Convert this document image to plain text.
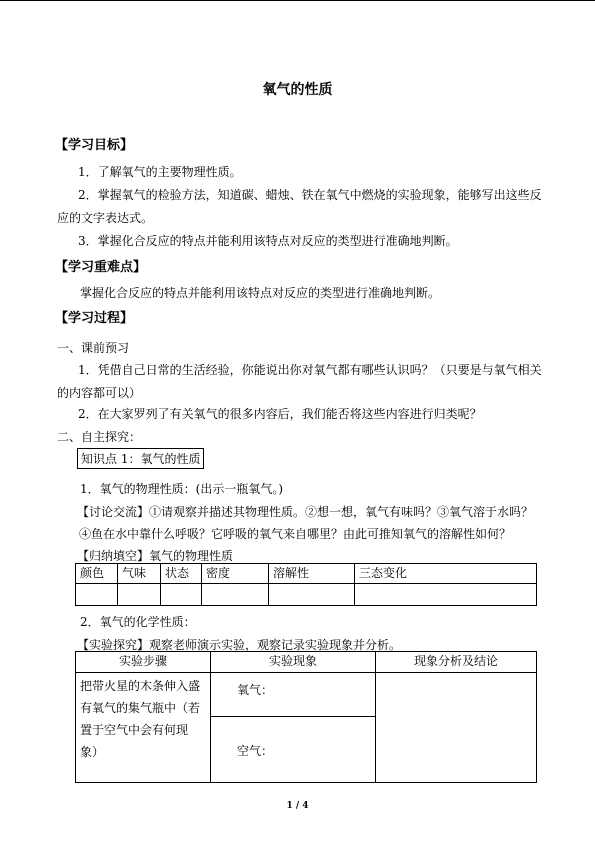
氧气的性质
【学习目标】
1．了解氧气的主要物理性质。
2．掌握氧气的检验方法，知道碳、蜡烛、铁在氧气中燃烧的实验现象，能够写出这些反
应的文字表达式。
3．掌握化合反应的特点并能利用该特点对反应的类型进行准确地判断。
【学习重难点】
掌握化合反应的特点并能利用该特点对反应的类型进行准确地判断。
【学习过程】
一、课前预习
1．凭借自己日常的生活经验，你能说出你对氧气都有哪些认识吗？（只要是与氧气相关
的内容都可以）
2．在大家罗列了有关氧气的很多内容后，我们能否将这些内容进行归类呢？
二、自主探究：
知识点 1：氧气的性质
1．氧气的物理性质：(出示一瓶氧气。)
【讨论交流】①请观察并描述其物理性质。②想一想，氧气有味吗？③氧气溶于水吗？
④鱼在水中靠什么呼吸？它呼吸的氧气来自哪里？由此可推知氧气的溶解性如何？
【归纳填空】氧气的物理性质
颜色	气味	状态	密度	溶解性	三态变化

2．氧气的化学性质：
【实验探究】观察老师演示实验，观察记录实验现象并分析。
实验步骤	实验现象	现象分析及结论

把带火星的木条伸入盛
有氧气的集气瓶中（若
置于空气中会有何现
象）	氧气：	
	空气：	
1 / 4
